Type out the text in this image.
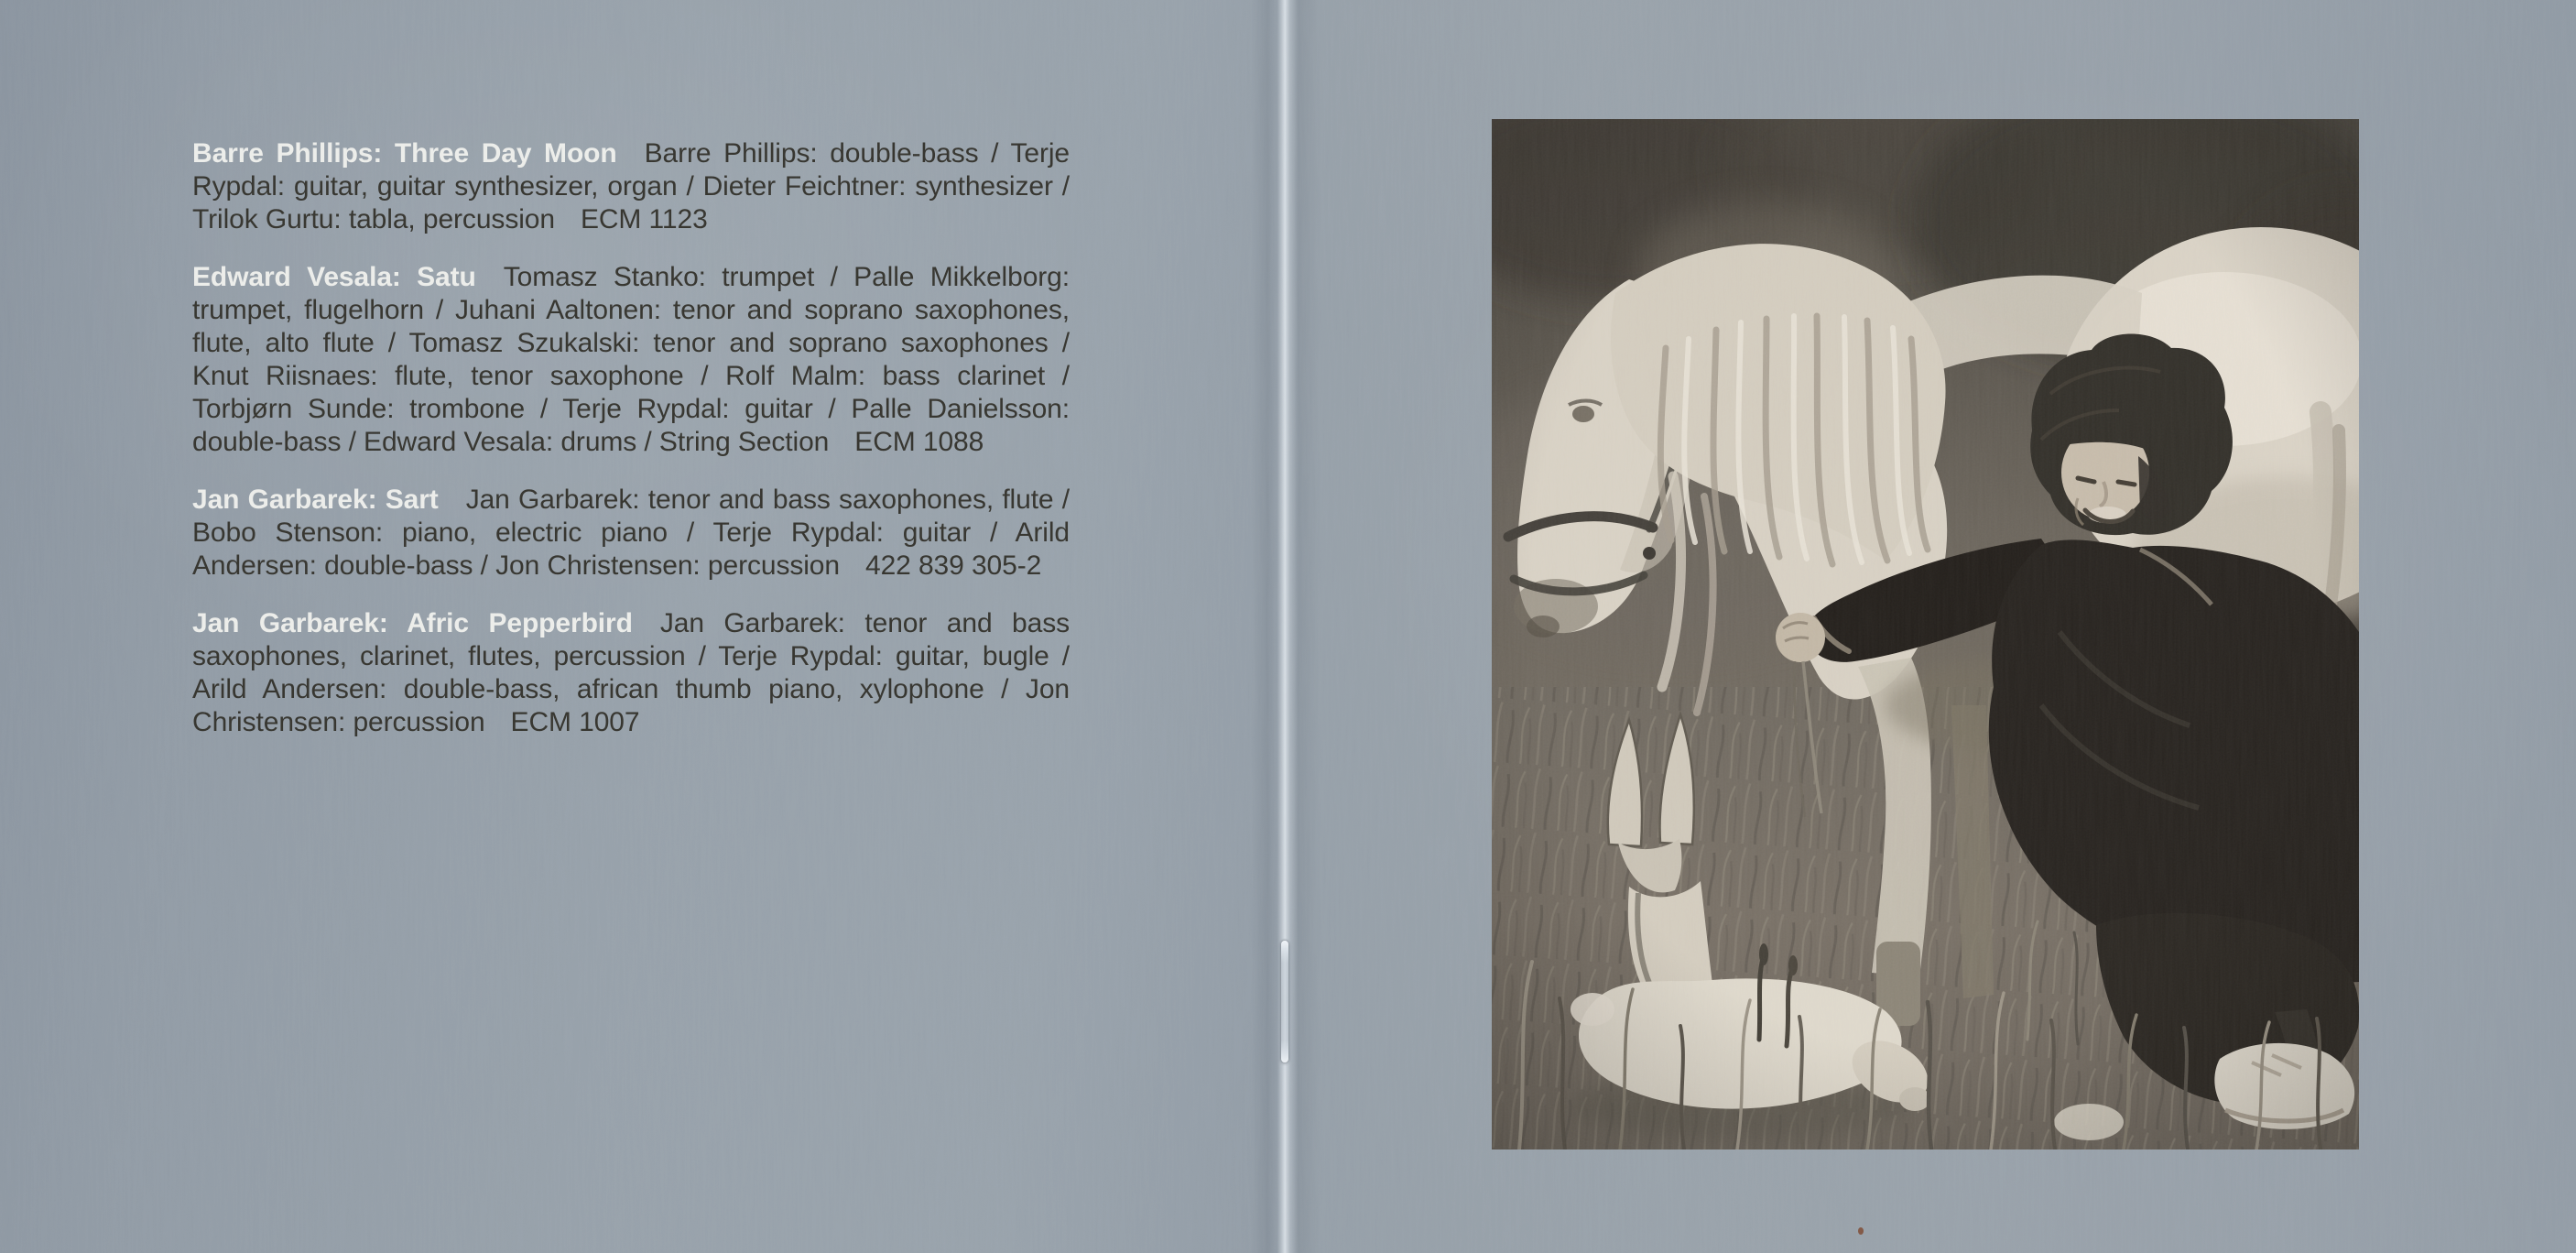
Barre Phillips: Three Day Moon Barre Phillips: double-bass / Terje Rypdal: guitar, guitar synthesizer, organ / Dieter Feichtner: synthesizer / Trilok Gurtu: tabla, percussion ECM 1123

Edward Vesala: Satu Tomasz Stanko: trumpet / Palle Mikkelborg: trumpet, flugelhorn / Juhani Aaltonen: tenor and soprano saxophones, flute, alto flute / Tomasz Szukalski: tenor and soprano saxophones / Knut Riisnaes: flute, tenor saxophone / Rolf Malm: bass clarinet / Torbjørn Sunde: trombone / Terje Rypdal: guitar / Palle Danielsson: double-bass / Edward Vesala: drums / String Section ECM 1088

Jan Garbarek: Sart Jan Garbarek: tenor and bass saxophones, flute / Bobo Stenson: piano, electric piano / Terje Rypdal: guitar / Arild Andersen: double-bass / Jon Christensen: percussion 422 839 305-2

Jan Garbarek: Afric Pepperbird Jan Garbarek: tenor and bass saxophones, clarinet, flutes, percussion / Terje Rypdal: guitar, bugle / Arild Andersen: double-bass, african thumb piano, xylophone / Jon Christensen: percussion ECM 1007
